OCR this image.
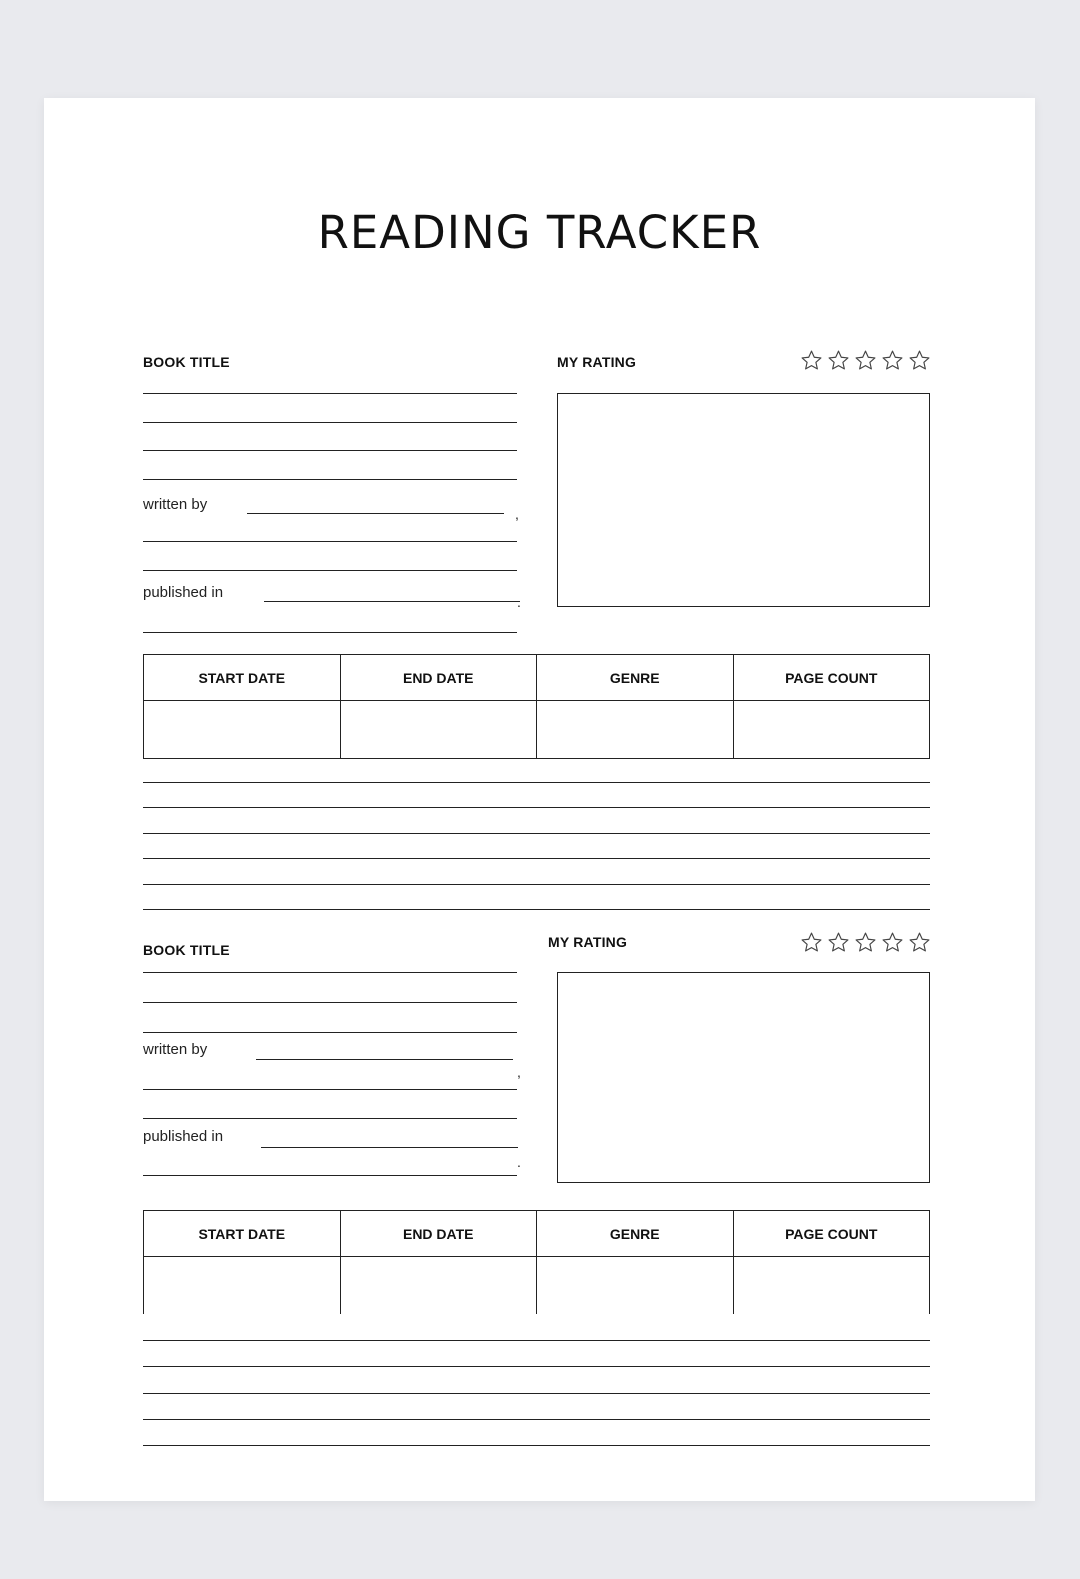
READING TRACKER
BOOK TITLE	MY RATING
written by
,
published in
.
START DATE	END DATE	GENRE	PAGE COUNT

BOOK TITLE	MY RATING
written by
,
published in
.
START DATE	END DATE	GENRE	PAGE COUNT
